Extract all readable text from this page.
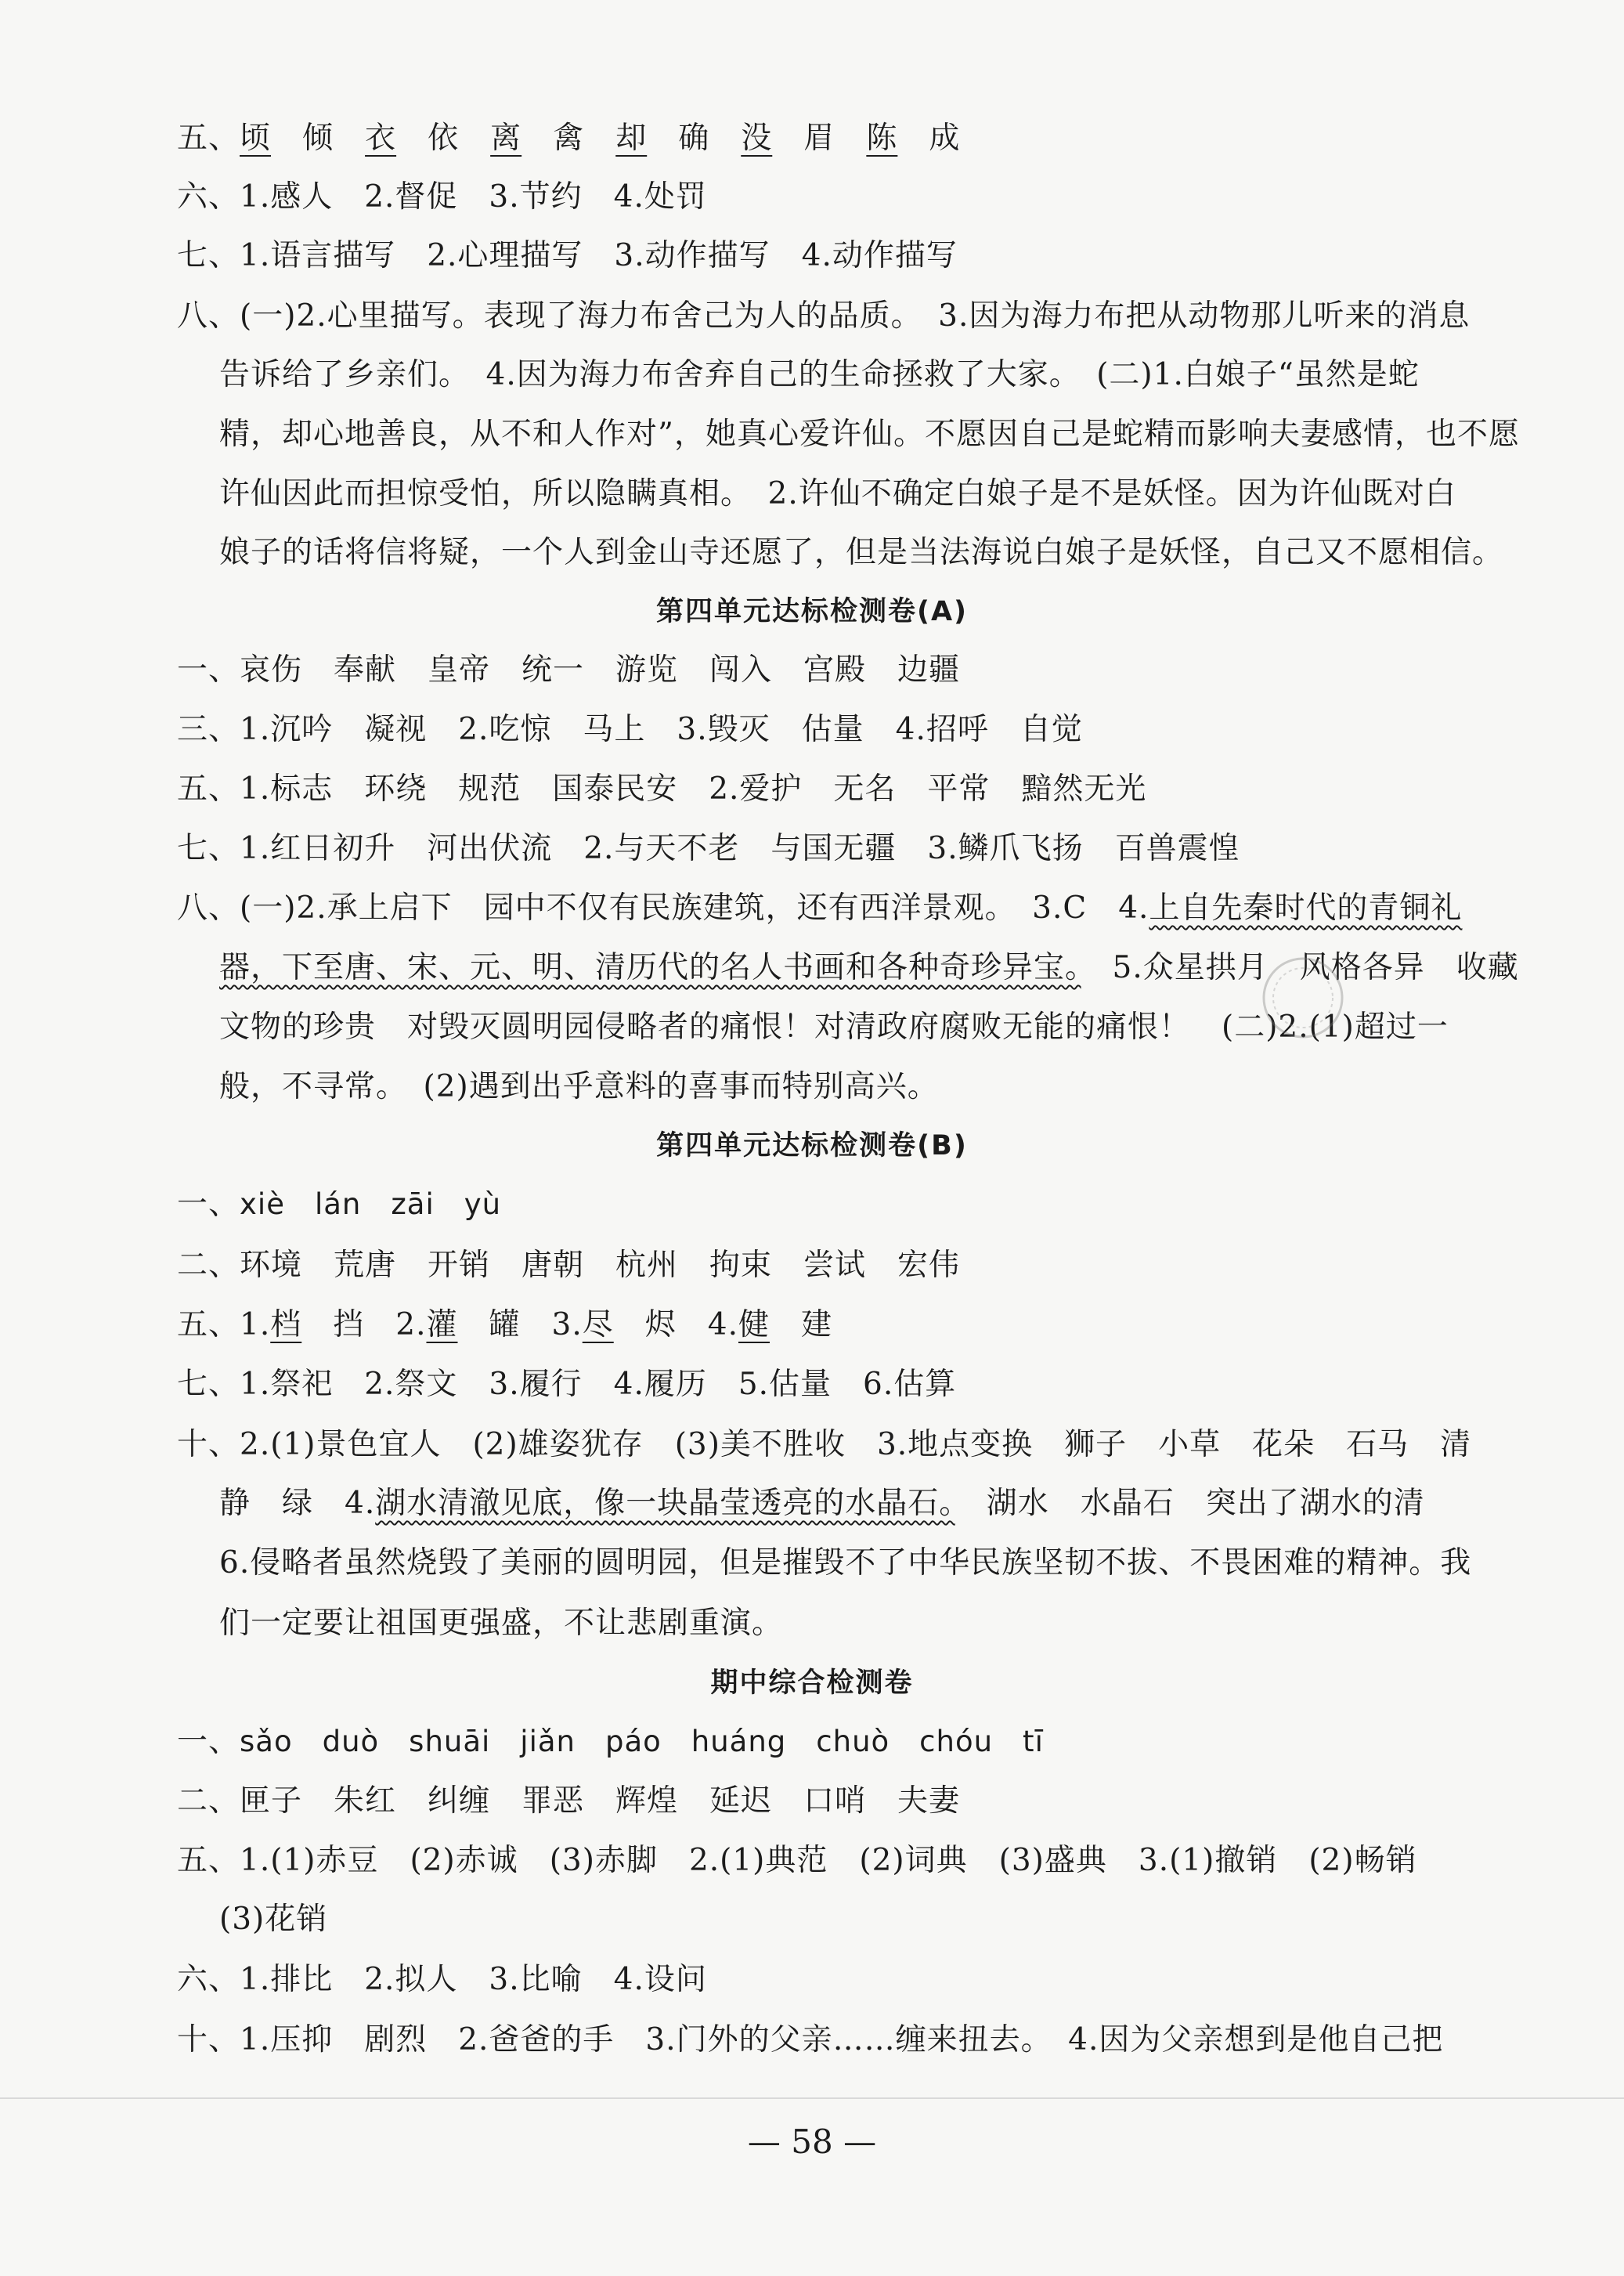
五、顷　 倾　 衣　 依　 离　 禽　 却　 确　 没　 眉　 陈　 成
六、1.感人　2.督促　3.节约　4.处罚
七、1.语言描写　2.心理描写　3.动作描写　4.动作描写
八、(一)2.心里描写。表现了海力布舍己为人的品质。　3.因为海力布把从动物那儿听来的消息
告诉给了乡亲们。　4.因为海力布舍弃自己的生命拯救了大家。　(二)1.白娘子“虽然是蛇
精，却心地善良，从不和人作对”，她真心爱许仙。不愿因自己是蛇精而影响夫妻感情，也不愿
许仙因此而担惊受怕，所以隐瞒真相。　2.许仙不确定白娘子是不是妖怪。因为许仙既对白
娘子的话将信将疑，一个人到金山寺还愿了，但是当法海说白娘子是妖怪，自己又不愿相信。
第四单元达标检测卷(A)
一、哀伤　奉献　皇帝　统一　游览　闯入　宫殿　边疆
三、1.沉吟　凝视　2.吃惊　马上　3.毁灭　估量　4.招呼　自觉
五、1.标志　环绕　规范　国泰民安　2.爱护　无名　平常　黯然无光
七、1.红日初升　河出伏流　2.与天不老　与国无疆　3.鳞爪飞扬　百兽震惶
八、(一)2.承上启下　园中不仅有民族建筑，还有西洋景观。　3.C　4.上自先秦时代的青铜礼
器，下至唐、宋、元、明、清历代的名人书画和各种奇珍异宝。　5.众星拱月　风格各异　收藏
文物的珍贵　对毁灭圆明园侵略者的痛恨！对清政府腐败无能的痛恨！　(二)2.(1)超过一
般，不寻常。　(2)遇到出乎意料的喜事而特别高兴。
第四单元达标检测卷(B)
一、xiè　lán　zāi　yù
二、环境　荒唐　开销　唐朝　杭州　拘束　尝试　宏伟
五、1.档　挡　2.灌　罐　3.尽　烬　4.健　建
七、1.祭祀　2.祭文　3.履行　4.履历　5.估量　6.估算
十、2.(1)景色宜人　(2)雄姿犹存　(3)美不胜收　3.地点变换　狮子　小草　花朵　石马　清
静　绿　4.湖水清澈见底，像一块晶莹透亮的水晶石。　湖水　水晶石　突出了湖水的清
6.侵略者虽然烧毁了美丽的圆明园，但是摧毁不了中华民族坚韧不拔、不畏困难的精神。我
们一定要让祖国更强盛，不让悲剧重演。
期中综合检测卷
一、sǎo　duò　shuāi　jiǎn　páo　huáng　chuò　chóu　tī
二、匣子　朱红　纠缠　罪恶　辉煌　延迟　口哨　夫妻
五、1.(1)赤豆　(2)赤诚　(3)赤脚　2.(1)典范　(2)词典　(3)盛典　3.(1)撤销　(2)畅销
(3)花销
六、1.排比　2.拟人　3.比喻　4.设问
十、1.压抑　剧烈　2.爸爸的手　3.门外的父亲……缠来扭去。　4.因为父亲想到是他自己把
— 58 —
